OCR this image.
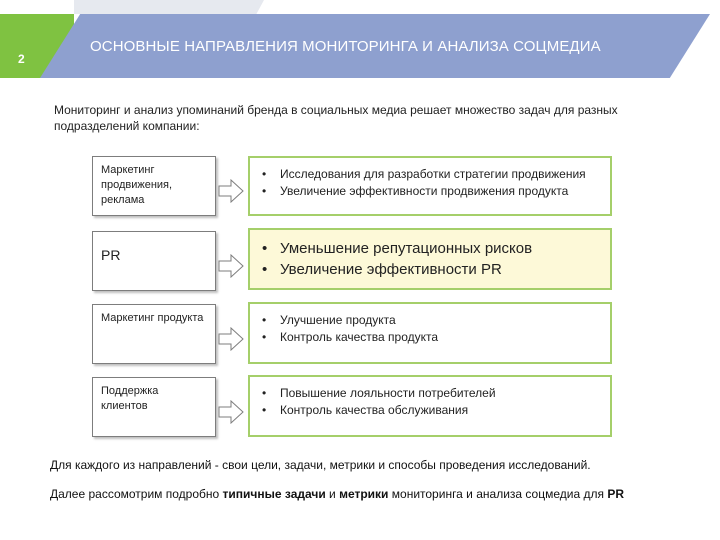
2
ОСНОВНЫЕ НАПРАВЛЕНИЯ МОНИТОРИНГА И АНАЛИЗА СОЦМЕДИА
Мониторинг и анализ упоминаний бренда в социальных медиа решает множество задач для разных подразделений компании:
Маркетинг продвижения, реклама
• Исследования для разработки стратегии продвижения
• Увеличение эффективности продвижения продукта
PR	• Уменьшение репутационных рисков
• Увеличение эффективности PR
Маркетинг продукта	• Улучшение продукта
• Контроль качества продукта
Поддержка клиентов
• Повышение лояльности потребителей
• Контроль качества обслуживания
Для каждого из направлений - свои цели, задачи, метрики и способы проведения исследований.
Далее рассомотрим подробно типичные задачи и метрики мониторинга и анализа соцмедиа для PR
